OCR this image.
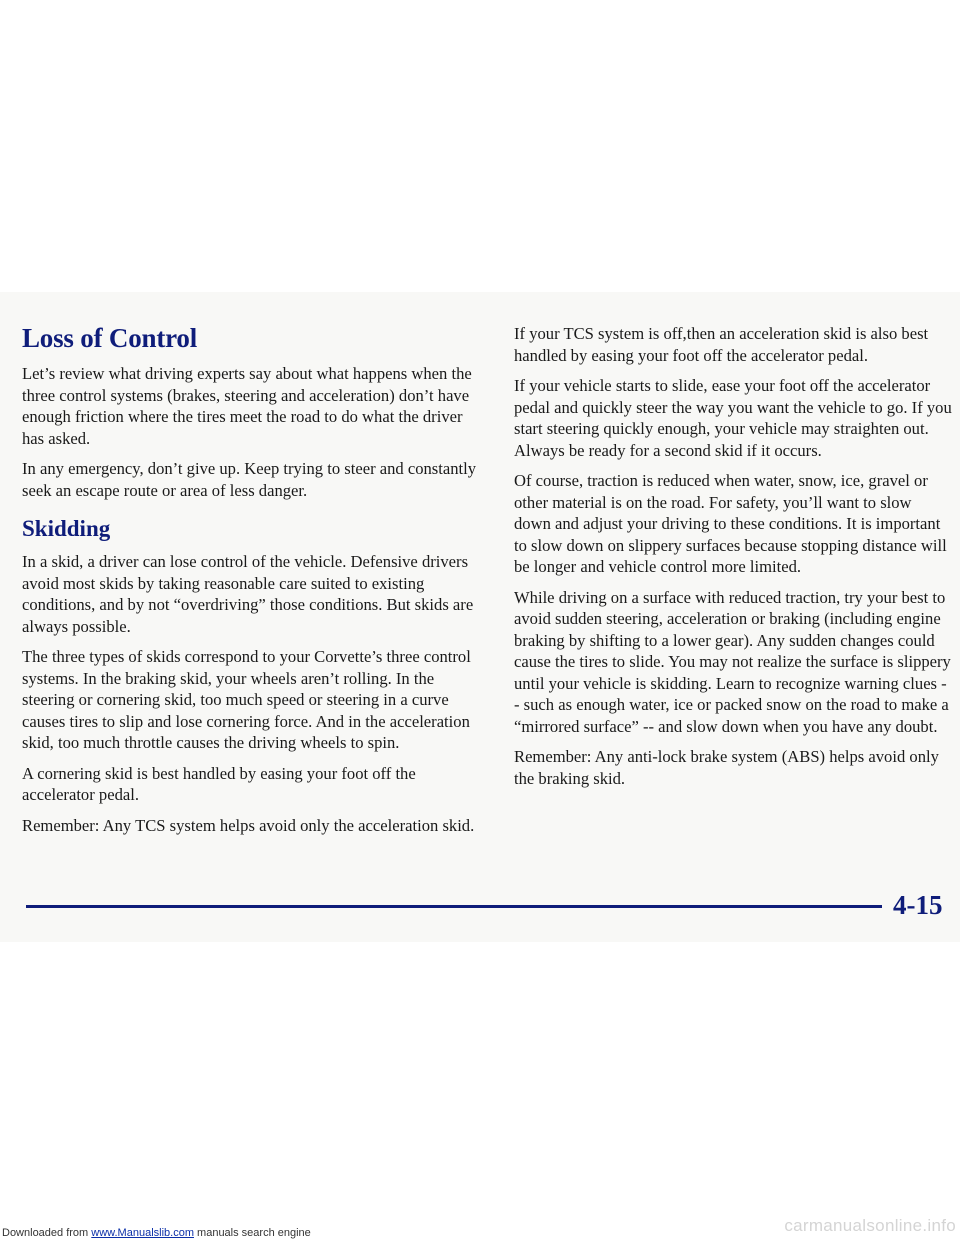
Loss of Control

Let’s review what driving experts say about what happens when the three control systems (brakes, steering and acceleration) don’t have enough friction where the tires meet the road to do what the driver has asked.

In any emergency, don’t give up. Keep trying to steer and constantly seek an escape route or area of less danger.

Skidding

In a skid, a driver can lose control of the vehicle. Defensive drivers avoid most skids by taking reasonable care suited to existing conditions, and by not “overdriving” those conditions. But skids are always possible.

The three types of skids correspond to your Corvette’s three control systems. In the braking skid, your wheels aren’t rolling. In the steering or cornering skid, too much speed or steering in a curve causes tires to slip and lose cornering force. And in the acceleration skid, too much throttle causes the driving wheels to spin.

A cornering skid is best handled by easing your foot off the accelerator pedal.

Remember: Any TCS system helps avoid only the acceleration skid.

If your TCS system is off,then an acceleration skid is also best handled by easing your foot off the accelerator pedal.

If your vehicle starts to slide, ease your foot off the accelerator pedal and quickly steer the way you want the vehicle to go. If you start steering quickly enough, your vehicle may straighten out. Always be ready for a second skid if it occurs.

Of course, traction is reduced when water, snow, ice, gravel or other material is on the road. For safety, you’ll want to slow down and adjust your driving to these conditions. It is important to slow down on slippery surfaces because stopping distance will be longer and vehicle control more limited.

While driving on a surface with reduced traction, try your best to avoid sudden steering, acceleration or braking (including engine braking by shifting to a lower gear). Any sudden changes could cause the tires to slide. You may not realize the surface is slippery until your vehicle is skidding. Learn to recognize warning clues -- such as enough water, ice or packed snow on the road to make a “mirrored surface” -- and slow down when you have any doubt.

Remember: Any anti-lock brake system (ABS) helps avoid only the braking skid.

4-15
Downloaded from www.Manualslib.com manuals search engine	carmanualsonline.info
